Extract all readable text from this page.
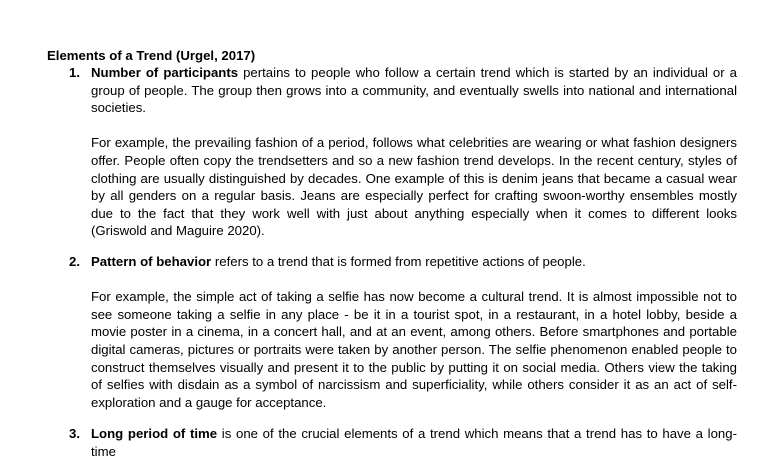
Elements of a Trend (Urgel, 2017)
1. Number of participants pertains to people who follow a certain trend which is started by an individual or a group of people. The group then grows into a community, and eventually swells into national and international societies.

For example, the prevailing fashion of a period, follows what celebrities are wearing or what fashion designers offer. People often copy the trendsetters and so a new fashion trend develops. In the recent century, styles of clothing are usually distinguished by decades. One example of this is denim jeans that became a casual wear by all genders on a regular basis. Jeans are especially perfect for crafting swoon-worthy ensembles mostly due to the fact that they work well with just about anything especially when it comes to different looks (Griswold and Maguire 2020).

2. Pattern of behavior refers to a trend that is formed from repetitive actions of people.

For example, the simple act of taking a selfie has now become a cultural trend. It is almost impossible not to see someone taking a selfie in any place - be it in a tourist spot, in a restaurant, in a hotel lobby, beside a movie poster in a cinema, in a concert hall, and at an event, among others. Before smartphones and portable digital cameras, pictures or portraits were taken by another person. The selfie phenomenon enabled people to construct themselves visually and present it to the public by putting it on social media. Others view the taking of selfies with disdain as a symbol of narcissism and superficiality, while others consider it as an act of self-exploration and a gauge for acceptance.

3. Long period of time is one of the crucial elements of a trend which means that a trend has to have a long-time
